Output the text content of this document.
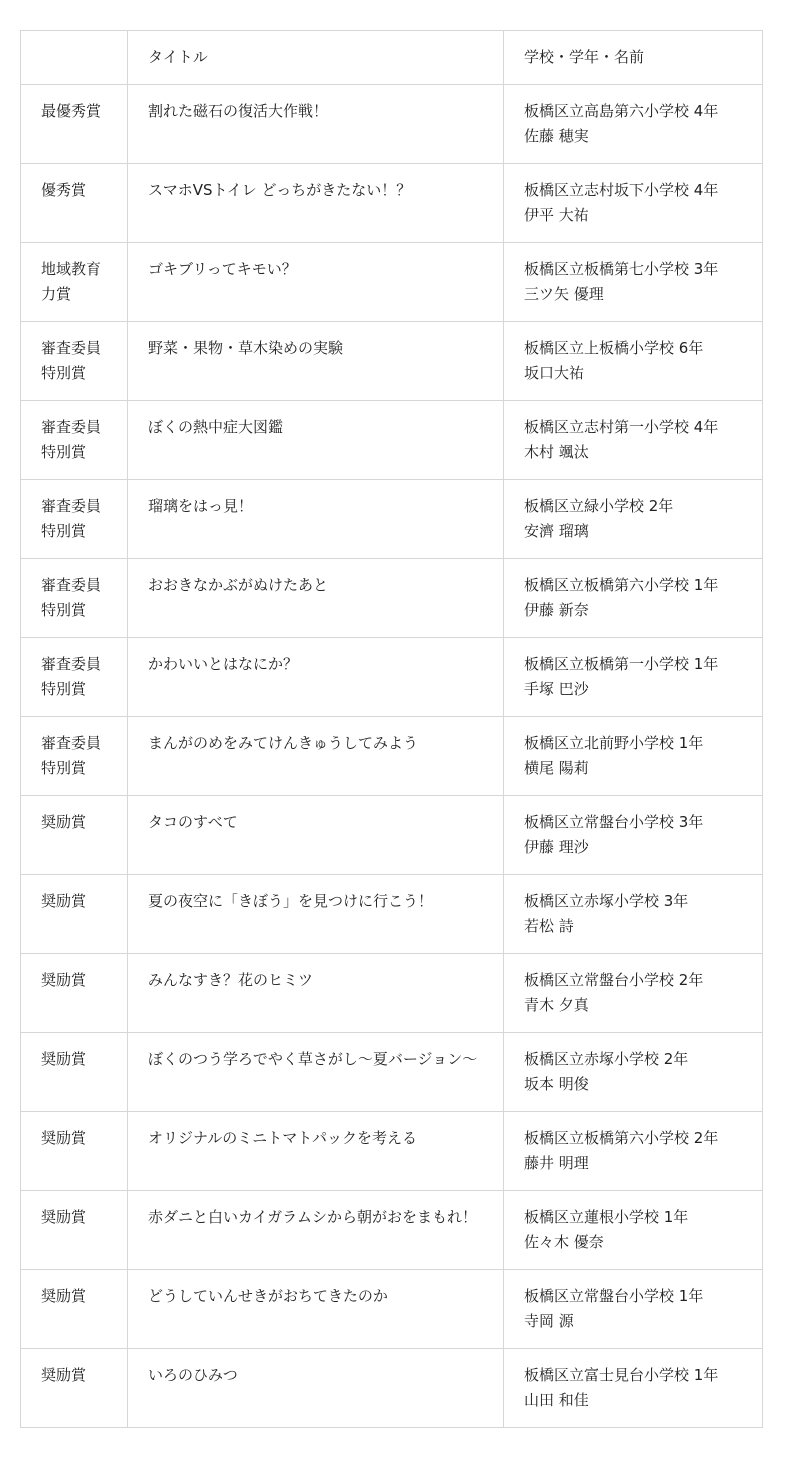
	タイトル	学校・学年・名前
最優秀賞	割れた磁石の復活大作戦！	板橋区立高島第六小学校 4年
佐藤 穂実

優秀賞	スマホVSトイレ どっちがきたない！？	板橋区立志村坂下小学校 4年
伊平 大祐

地域教育力賞	ゴキブリってキモい？	板橋区立板橋第七小学校 3年
三ツ矢 優理

審査委員特別賞	野菜・果物・草木染めの実験	板橋区立上板橋小学校 6年
坂口大祐

審査委員特別賞	ぼくの熱中症大図鑑	板橋区立志村第一小学校 4年
木村 颯汰

審査委員特別賞	瑠璃をはっ見！	板橋区立緑小学校 2年
安濟 瑠璃

審査委員特別賞	おおきなかぶがぬけたあと	板橋区立板橋第六小学校 1年
伊藤 新奈

審査委員特別賞	かわいいとはなにか？	板橋区立板橋第一小学校 1年
手塚 巴沙

審査委員特別賞	まんがのめをみてけんきゅうしてみよう	板橋区立北前野小学校 1年
横尾 陽莉

奨励賞	タコのすべて	板橋区立常盤台小学校 3年
伊藤 理沙

奨励賞	夏の夜空に「きぼう」を見つけに行こう！	板橋区立赤塚小学校 3年
若松 詩

奨励賞	みんなすき？花のヒミツ	板橋区立常盤台小学校 2年
青木 夕真

奨励賞	ぼくのつう学ろでやく草さがし～夏バージョン～	板橋区立赤塚小学校 2年
坂本 明俊

奨励賞	オリジナルのミニトマトパックを考える	板橋区立板橋第六小学校 2年
藤井 明理

奨励賞	赤ダニと白いカイガラムシから朝がおをまもれ！	板橋区立蓮根小学校 1年
佐々木 優奈

奨励賞	どうしていんせきがおちてきたのか	板橋区立常盤台小学校 1年
寺岡 源

奨励賞	いろのひみつ	板橋区立富士見台小学校 1年
山田 和佳
